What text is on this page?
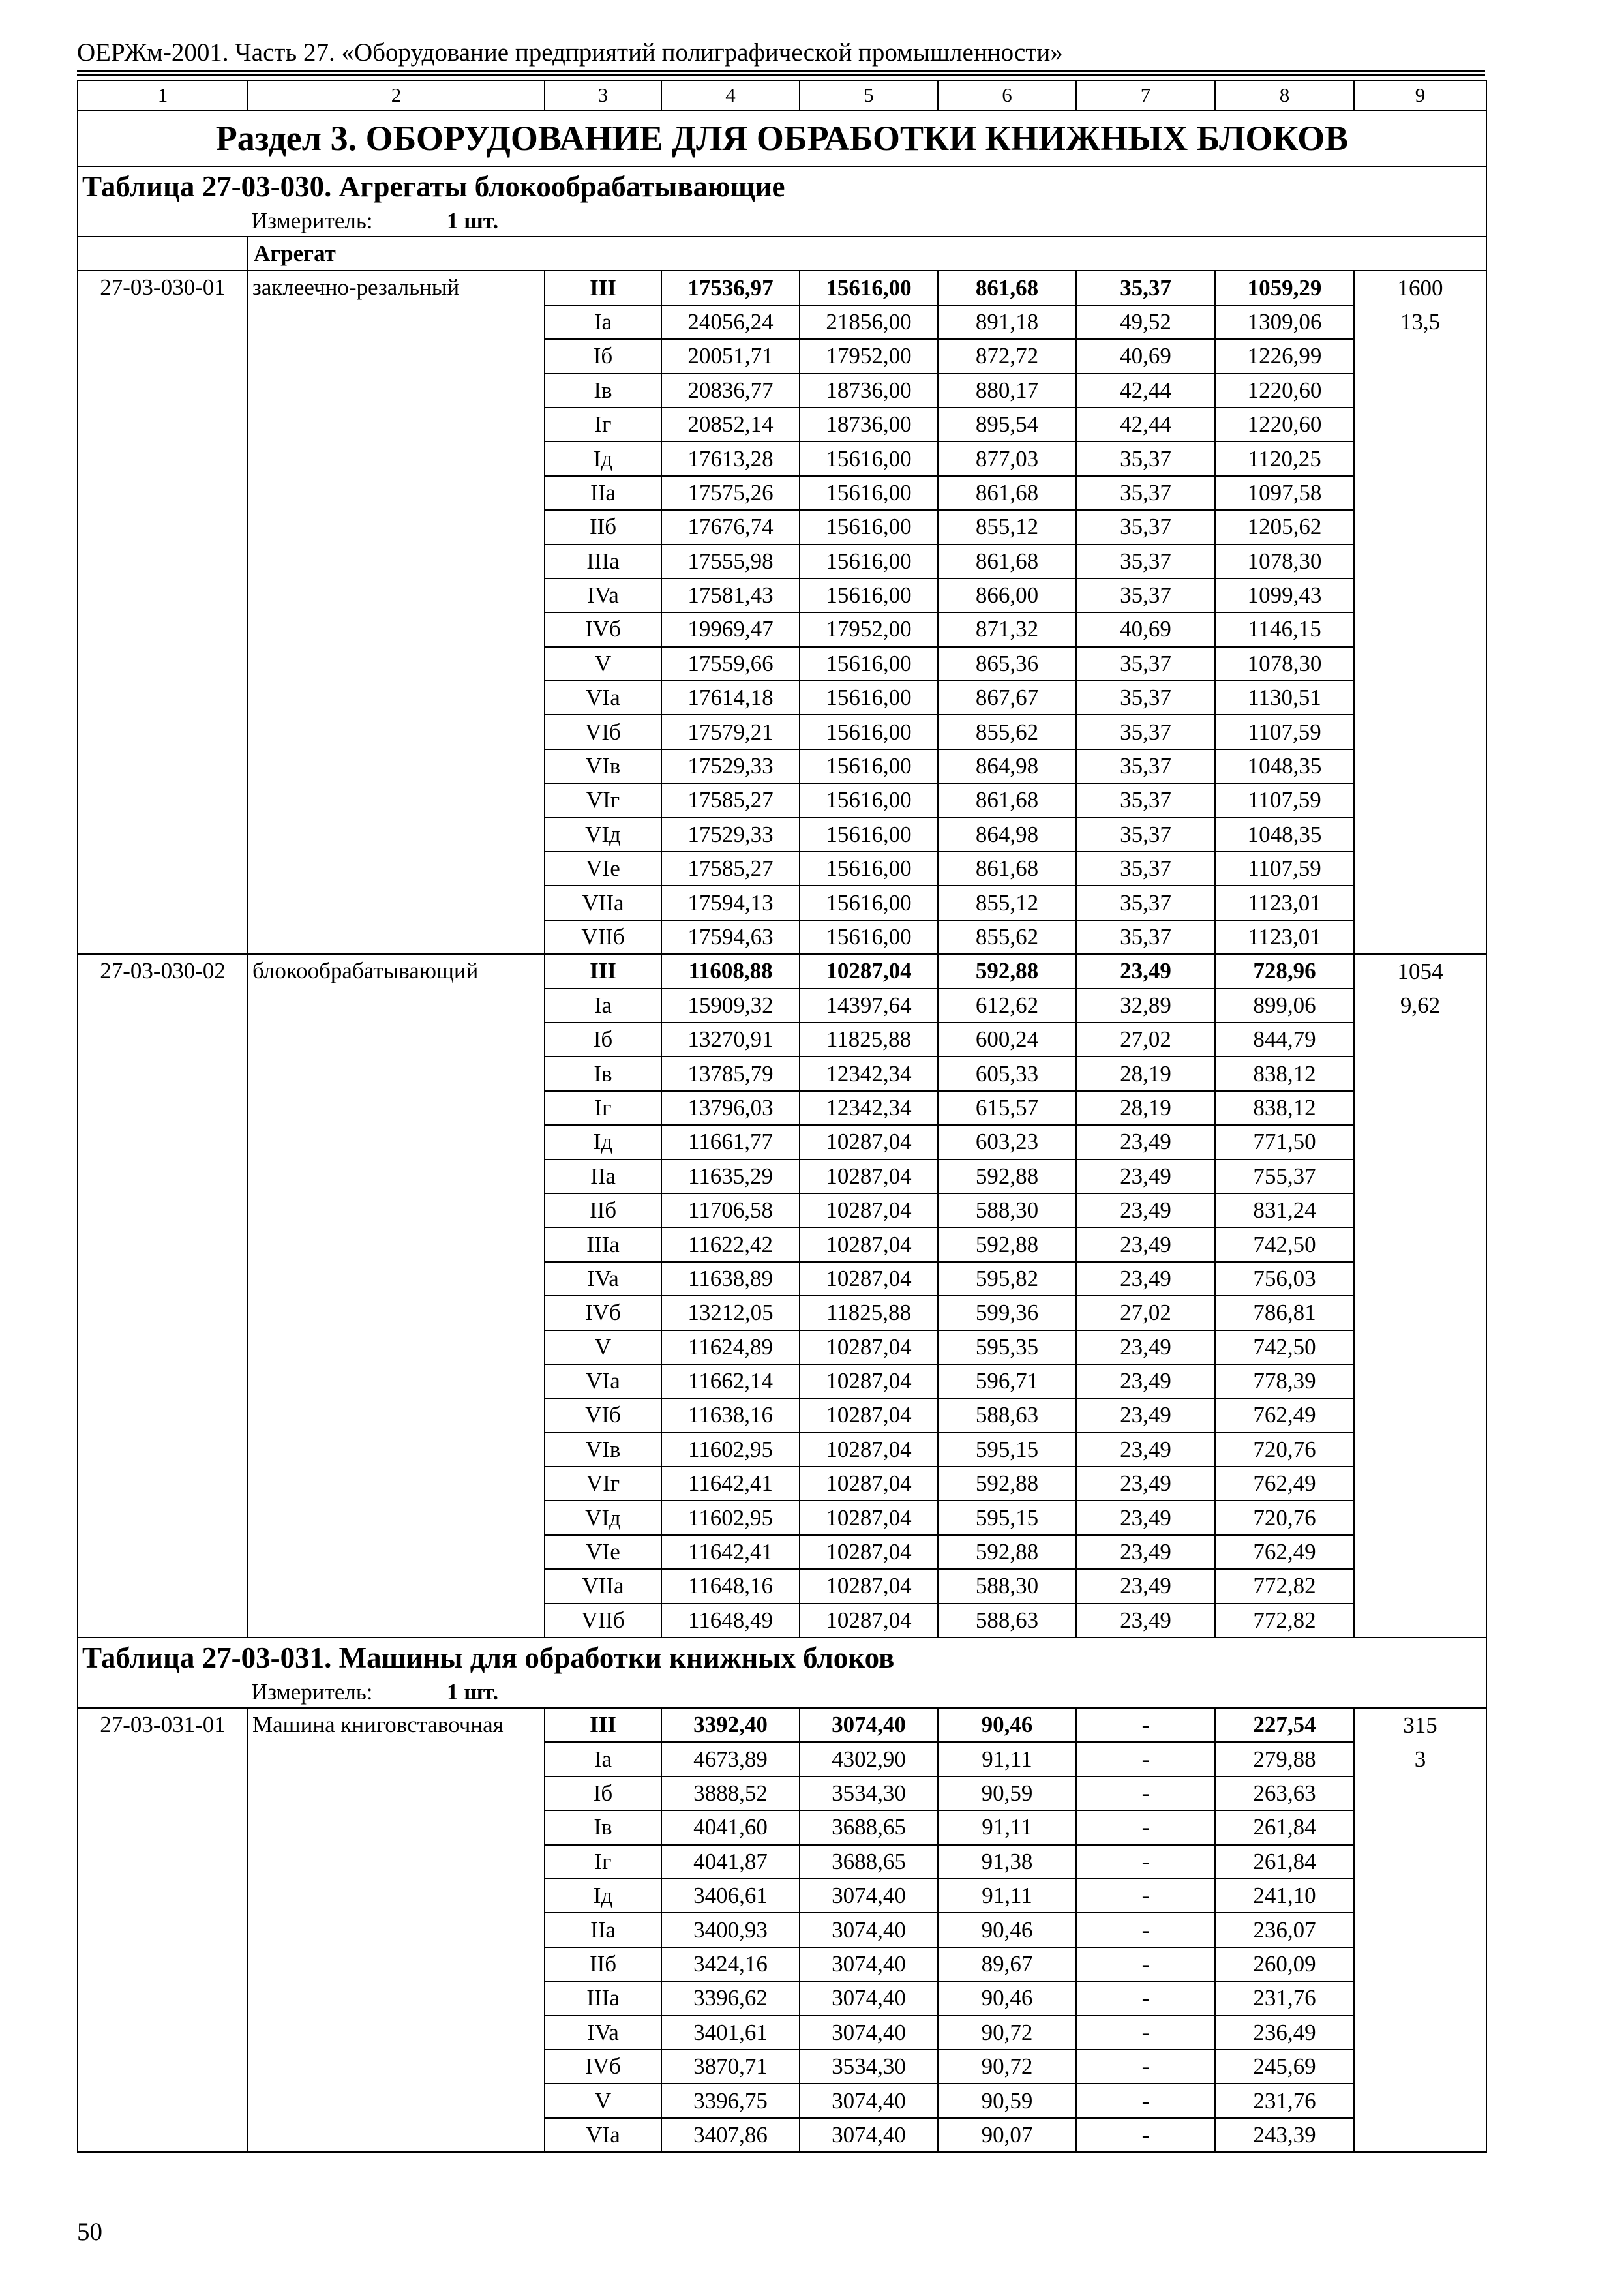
ОЕРЖм-2001. Часть 27. «Оборудование предприятий полиграфической промышленности»
1	2	3	4	5	6	7	8	9
Раздел 3. ОБОРУДОВАНИЕ ДЛЯ ОБРАБОТКИ КНИЖНЫХ БЛОКОВ								
Таблица 27-03-030. Агрегаты блокообрабатывающие								
Измеритель: 1 шт.								
	Агрегат							
27-03-030-01	заклеечно-резальный	III	17536,97	15616,00	861,68	35,37	1059,29	1600
		Ia	24056,24	21856,00	891,18	49,52	1309,06	13,5
		Iб	20051,71	17952,00	872,72	40,69	1226,99	
		Iв	20836,77	18736,00	880,17	42,44	1220,60	
		Iг	20852,14	18736,00	895,54	42,44	1220,60	
		Iд	17613,28	15616,00	877,03	35,37	1120,25	
		IIa	17575,26	15616,00	861,68	35,37	1097,58	
		IIб	17676,74	15616,00	855,12	35,37	1205,62	
		IIIa	17555,98	15616,00	861,68	35,37	1078,30	
		IVa	17581,43	15616,00	866,00	35,37	1099,43	
		IVб	19969,47	17952,00	871,32	40,69	1146,15	
		V	17559,66	15616,00	865,36	35,37	1078,30	
		VIa	17614,18	15616,00	867,67	35,37	1130,51	
		VIб	17579,21	15616,00	855,62	35,37	1107,59	
		VIв	17529,33	15616,00	864,98	35,37	1048,35	
		VIг	17585,27	15616,00	861,68	35,37	1107,59	
		VIд	17529,33	15616,00	864,98	35,37	1048,35	
		VIe	17585,27	15616,00	861,68	35,37	1107,59	
		VIIa	17594,13	15616,00	855,12	35,37	1123,01	
		VIIб	17594,63	15616,00	855,62	35,37	1123,01	
27-03-030-02	блокообрабатывающий	III	11608,88	10287,04	592,88	23,49	728,96	1054
		Ia	15909,32	14397,64	612,62	32,89	899,06	9,62
		Iб	13270,91	11825,88	600,24	27,02	844,79	
		Iв	13785,79	12342,34	605,33	28,19	838,12	
		Iг	13796,03	12342,34	615,57	28,19	838,12	
		Iд	11661,77	10287,04	603,23	23,49	771,50	
		IIa	11635,29	10287,04	592,88	23,49	755,37	
		IIб	11706,58	10287,04	588,30	23,49	831,24	
		IIIa	11622,42	10287,04	592,88	23,49	742,50	
		IVa	11638,89	10287,04	595,82	23,49	756,03	
		IVб	13212,05	11825,88	599,36	27,02	786,81	
		V	11624,89	10287,04	595,35	23,49	742,50	
		VIa	11662,14	10287,04	596,71	23,49	778,39	
		VIб	11638,16	10287,04	588,63	23,49	762,49	
		VIв	11602,95	10287,04	595,15	23,49	720,76	
		VIг	11642,41	10287,04	592,88	23,49	762,49	
		VIд	11602,95	10287,04	595,15	23,49	720,76	
		VIe	11642,41	10287,04	592,88	23,49	762,49	
		VIIa	11648,16	10287,04	588,30	23,49	772,82	
		VIIб	11648,49	10287,04	588,63	23,49	772,82	
Таблица 27-03-031. Машины для обработки книжных блоков								
Измеритель: 1 шт.								
27-03-031-01	Машина книговставочная	III	3392,40	3074,40	90,46	-	227,54	315
		Ia	4673,89	4302,90	91,11	-	279,88	3
		Iб	3888,52	3534,30	90,59	-	263,63	
		Iв	4041,60	3688,65	91,11	-	261,84	
		Iг	4041,87	3688,65	91,38	-	261,84	
		Iд	3406,61	3074,40	91,11	-	241,10	
		IIa	3400,93	3074,40	90,46	-	236,07	
		IIб	3424,16	3074,40	89,67	-	260,09	
		IIIa	3396,62	3074,40	90,46	-	231,76	
		IVa	3401,61	3074,40	90,72	-	236,49	
		IVб	3870,71	3534,30	90,72	-	245,69	
		V	3396,75	3074,40	90,59	-	231,76	
		VIa	3407,86	3074,40	90,07	-	243,39	
50
